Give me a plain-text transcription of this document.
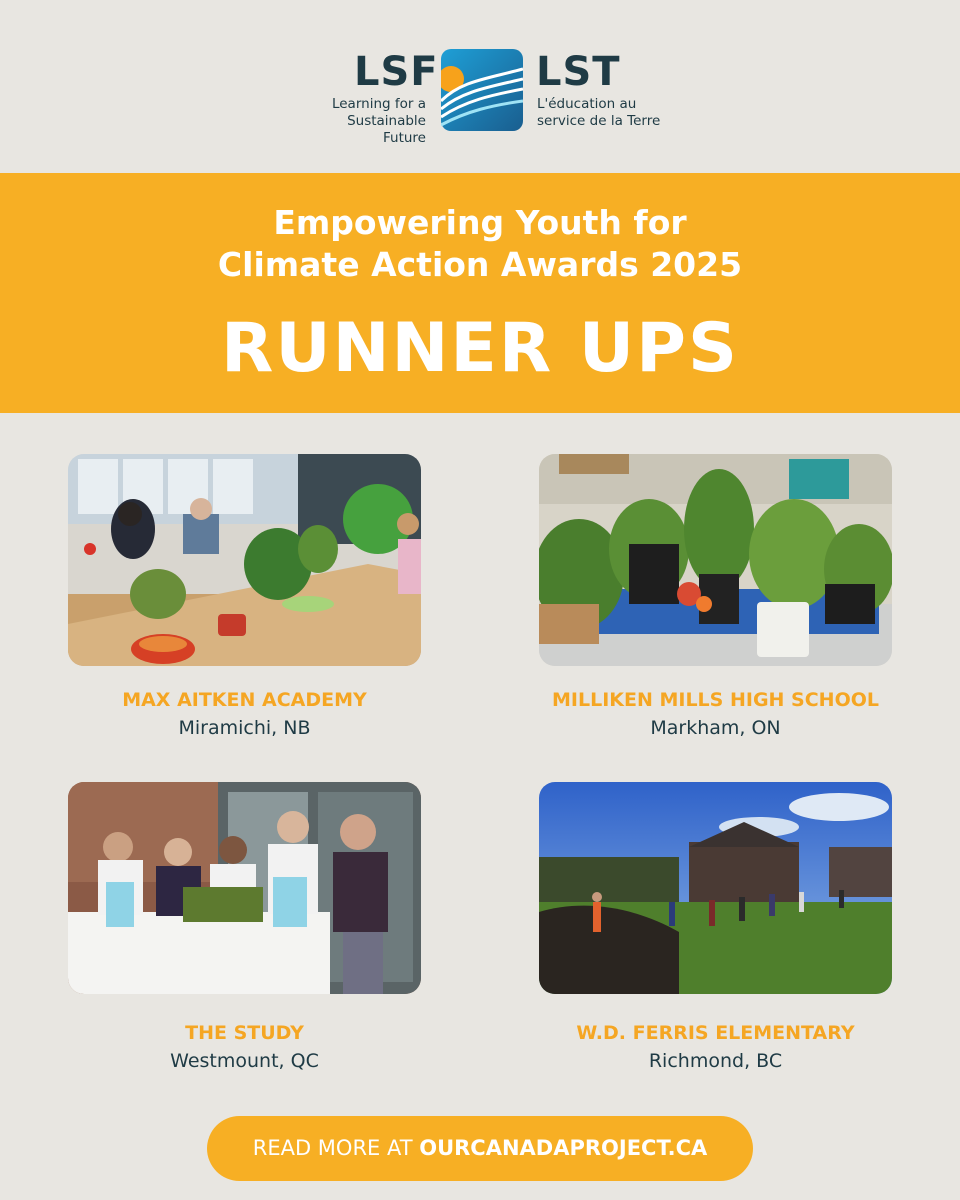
LSF
Learning for a
Sustainable Future
LST
L'éducation au
service de la Terre
Empowering Youth for
Climate Action Awards 2025
RUNNER UPS
MAX AITKEN ACADEMY
Miramichi, NB
MILLIKEN MILLS HIGH SCHOOL
Markham, ON
THE STUDY
Westmount, QC
W.D. FERRIS ELEMENTARY
Richmond, BC
READ MORE AT OURCANADAPROJECT.CA
